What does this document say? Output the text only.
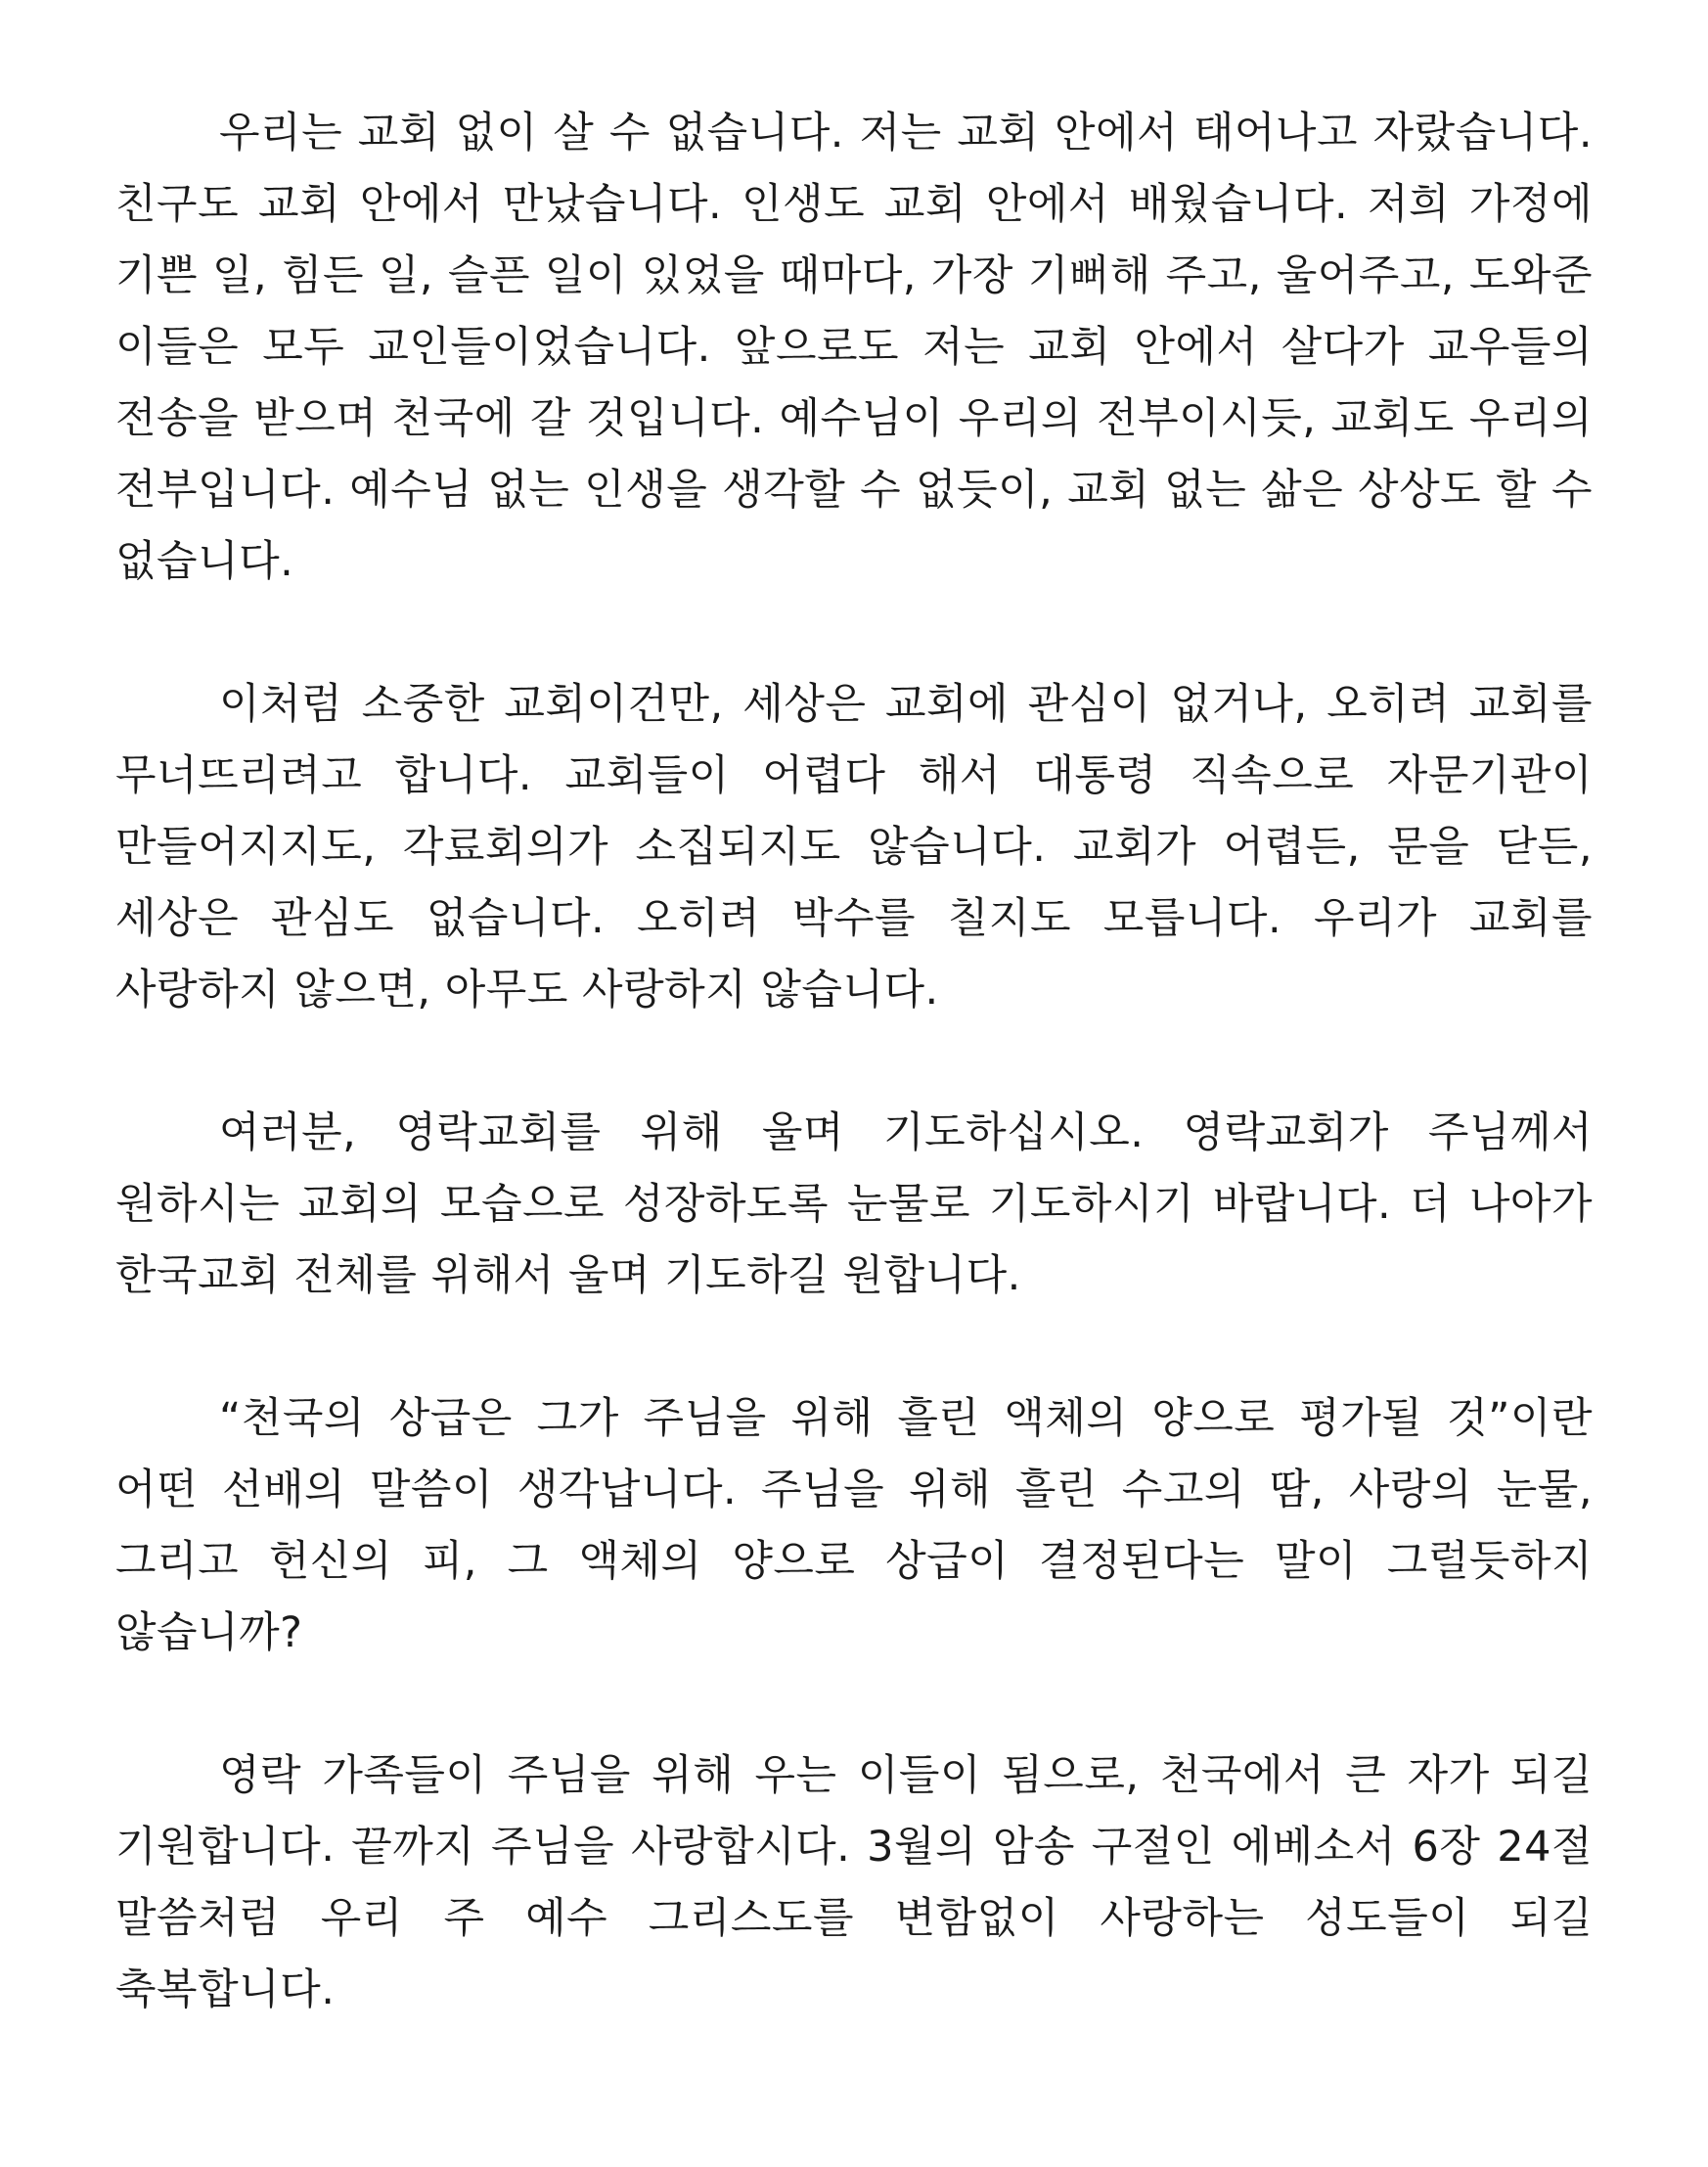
우리는 교회 없이 살 수 없습니다. 저는 교회 안에서 태어나고 자랐습니다. 친구도 교회 안에서 만났습니다. 인생도 교회 안에서 배웠습니다. 저희 가정에 기쁜 일, 힘든 일, 슬픈 일이 있었을 때마다, 가장 기뻐해 주고, 울어주고, 도와준 이들은 모두 교인들이었습니다. 앞으로도 저는 교회 안에서 살다가 교우들의 전송을 받으며 천국에 갈 것입니다. 예수님이 우리의 전부이시듯, 교회도 우리의 전부입니다. 예수님 없는 인생을 생각할 수 없듯이, 교회 없는 삶은 상상도 할 수 없습니다.

이처럼 소중한 교회이건만, 세상은 교회에 관심이 없거나, 오히려 교회를 무너뜨리려고 합니다. 교회들이 어렵다 해서 대통령 직속으로 자문기관이 만들어지지도, 각료회의가 소집되지도 않습니다. 교회가 어렵든, 문을 닫든, 세상은 관심도 없습니다. 오히려 박수를 칠지도 모릅니다. 우리가 교회를 사랑하지 않으면, 아무도 사랑하지 않습니다.

여러분, 영락교회를 위해 울며 기도하십시오. 영락교회가 주님께서 원하시는 교회의 모습으로 성장하도록 눈물로 기도하시기 바랍니다. 더 나아가 한국교회 전체를 위해서 울며 기도하길 원합니다.

“천국의 상급은 그가 주님을 위해 흘린 액체의 양으로 평가될 것”이란 어떤 선배의 말씀이 생각납니다. 주님을 위해 흘린 수고의 땀, 사랑의 눈물, 그리고 헌신의 피, 그 액체의 양으로 상급이 결정된다는 말이 그럴듯하지 않습니까?

영락 가족들이 주님을 위해 우는 이들이 됨으로, 천국에서 큰 자가 되길 기원합니다. 끝까지 주님을 사랑합시다. 3월의 암송 구절인 에베소서 6장 24절 말씀처럼 우리 주 예수 그리스도를 변함없이 사랑하는 성도들이 되길 축복합니다.
